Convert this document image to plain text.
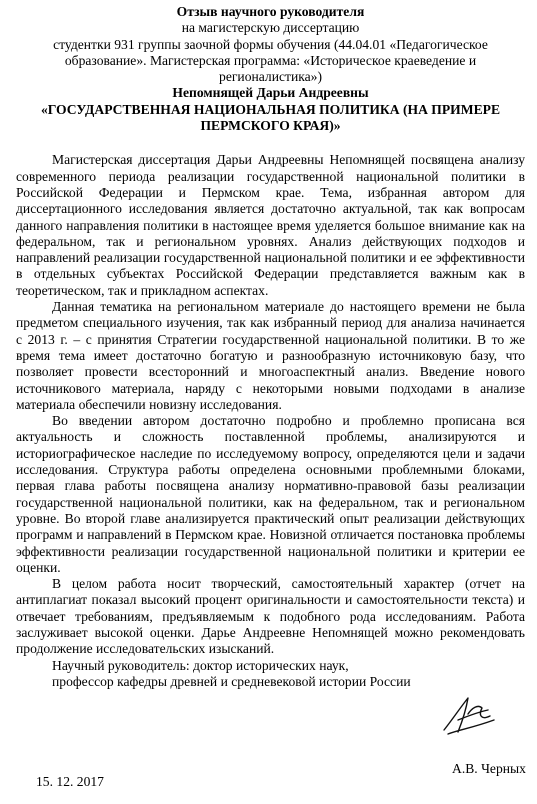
Отзыв научного руководителя

на магистерскую диссертацию

студентки 931 группы заочной формы обучения (44.04.01 «Педагогическое образование». Магистерская программа: «Историческое краеведение и регионалистика»)

Непомнящей Дарьи Андреевны

«ГОСУДАРСТВЕННАЯ НАЦИОНАЛЬНАЯ ПОЛИТИКА (НА ПРИМЕРЕ ПЕРМСКОГО КРАЯ)»

Магистерская диссертация Дарьи Андреевны Непомнящей посвящена анализу современного периода реализации государственной национальной политики в Российской Федерации и Пермском крае. Тема, избранная автором для диссертационного исследования является достаточно актуальной, так как вопросам данного направления политики в настоящее время уделяется большое внимание как на федеральном, так и региональном уровнях. Анализ действующих подходов и направлений реализации государственной национальной политики и ее эффективности в отдельных субъектах Российской Федерации представляется важным как в теоретическом, так и прикладном аспектах.

Данная тематика на региональном материале до настоящего времени не была предметом специального изучения, так как избранный период для анализа начинается с 2013 г. – с принятия Стратегии государственной национальной политики. В то же время тема имеет достаточно богатую и разнообразную источниковую базу, что позволяет провести всесторонний и многоаспектный анализ. Введение нового источникового материала, наряду с некоторыми новыми подходами в анализе материала обеспечили новизну исследования.

Во введении автором достаточно подробно и проблемно прописана вся актуальность и сложность поставленной проблемы, анализируются и историографическое наследие по исследуемому вопросу, определяются цели и задачи исследования. Структура работы определена основными проблемными блоками, первая глава работы посвящена анализу нормативно-правовой базы реализации государственной национальной политики, как на федеральном, так и региональном уровне. Во второй главе анализируется практический опыт реализации действующих программ и направлений в Пермском крае. Новизной отличается постановка проблемы эффективности реализации государственной национальной политики и критерии ее оценки.

В целом работа носит творческий, самостоятельный характер (отчет на антиплагиат показал высокий процент оригинальности и самостоятельности текста) и отвечает требованиям, предъявляемым к подобного рода исследованиям. Работа заслуживает высокой оценки. Дарье Андреевне Непомнящей можно рекомендовать продолжение исследовательских изысканий.

Научный руководитель: доктор исторических наук,

профессор кафедры древней и средневековой истории России

А.В. Черных
15. 12. 2017
